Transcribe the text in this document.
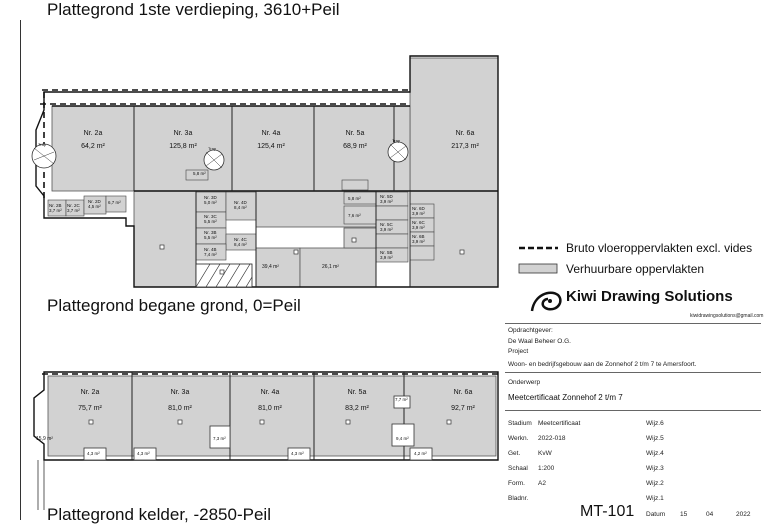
Plattegrond 1ste verdieping, 3610+Peil
Plattegrond begane grond, 0=Peil
Plattegrond kelder, -2850-Peil
Nr. 2a
64,2 m²
Nr. 3a
125,8 m²
Nr. 4a
125,4 m²
Nr. 5a
68,9 m²
Nr. 6a
217,3 m²
Nr. 2B
3,7 m²
Nr. 2C
3,7 m²
Nr. 2D
4,5 m²
Nr. 3D
5,0 m²
Nr. 3C
5,5 m²
Nr. 3B
5,5 m²
Nr. 4D
8,4 m²
Nr. 4C
8,4 m²
Nr. 4B
7,4 m²
Nr. 5D
3,9 m²
Nr. 5C
3,9 m²
Nr. 5B
3,9 m²
Nr. 6D
3,9 m²
Nr. 6C
3,9 m²
Nr. 6B
3,9 m²
5,8 m²
5,8 m²
7,6 m²
6,7 m²
39,4 m²	26,1 m²
Trap
Trap
Trap
Nr. 2a
75,7 m²
Nr. 3a
81,0 m²
Nr. 4a
81,0 m²
Nr. 5a
83,2 m²
Nr. 6a
92,7 m²
15,9 m²
4,3 m²	4,3 m²
7,3 m²
4,3 m²
9,4 m²
4,2 m²
7,7 m²
Bruto vloeroppervlakten excl. vides
Verhuurbare oppervlakten
Kiwi Drawing Solutions
kiwidrawingsolutions@gmail.com
Opdrachtgever:
De Waal Beheer O.G.
Project
Woon- en bedrijfsgebouw aan de Zonnehof 2 t/m 7 te Amersfoort.
Onderwerp
Meetcertificaat Zonnehof 2 t/m 7
Stadium Meetcertificaat	Wijz.6
Werkn. 2022-018	Wijz.5
Get.	KvW	Wijz.4
Schaal 1:200	Wijz.3
Form. A2	Wijz.2
Bladnr.	Wijz.1
MT-101 Datum 15	04	2022
